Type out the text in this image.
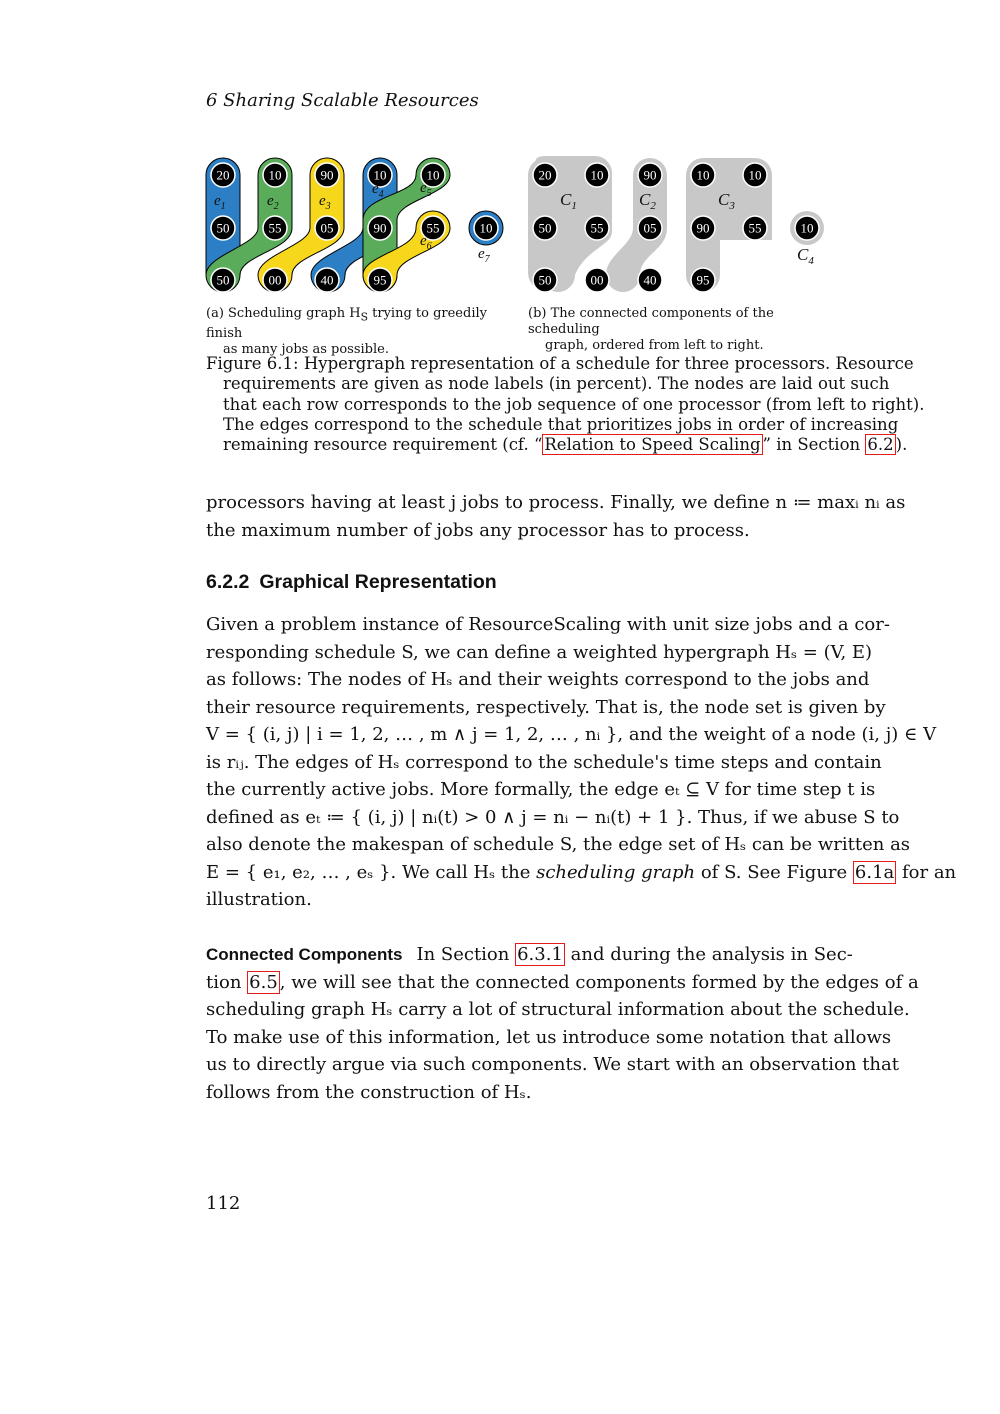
6 Sharing Scalable Resources
20	10	90	10	10
50	55	05	90	55	10
50	00	40	95
$e_1$	$e_2$	$e_3$
$e_4$ $e_5$
$e_6$	$e_7$
20	10	90	10	10
50	55	05	90	55	10
50	00	40	95
$C_1$	$C_2$	$C_3$
$C_4$
(a) Scheduling graph $H_S$ trying to greedily finish
as many jobs as possible.
(b) The connected components of the scheduling
graph, ordered from left to right.
Figure 6.1: Hypergraph representation of a schedule for three processors. Resource
requirements are given as node labels (in percent). The nodes are laid out such
that each row corresponds to the job sequence of one processor (from left to right).
The edges correspond to the schedule that prioritizes jobs in order of increasing
remaining resource requirement (cf. “ Relation to Speed Scaling ” in Section 6.2 ).
processors having at least j jobs to process. Finally, we define n ≔ maxᵢ nᵢ as
the maximum number of jobs any processor has to process.
6.2.2 Graphical Representation
Given a problem instance of ResourceScaling with unit size jobs and a cor-
responding schedule S, we can define a weighted hypergraph Hₛ = (V, E)
as follows: The nodes of Hₛ and their weights correspond to the jobs and
their resource requirements, respectively. That is, the node set is given by
V = { (i, j) | i = 1, 2, … , m ∧ j = 1, 2, … , nᵢ }, and the weight of a node (i, j) ∈ V
is rᵢⱼ. The edges of Hₛ correspond to the schedule's time steps and contain
the currently active jobs. More formally, the edge eₜ ⊆ V for time step t is
defined as eₜ ≔ { (i, j) | nᵢ(t) > 0 ∧ j = nᵢ − nᵢ(t) + 1 }. Thus, if we abuse S to
also denote the makespan of schedule S, the edge set of Hₛ can be written as
E = { e₁, e₂, … , eₛ }. We call Hₛ the scheduling graph of S. See Figure 6.1a for an
illustration.
Connected Components In Section 6.3.1 and during the analysis in Sec-
tion 6.5 , we will see that the connected components formed by the edges of a
scheduling graph Hₛ carry a lot of structural information about the schedule.
To make use of this information, let us introduce some notation that allows
us to directly argue via such components. We start with an observation that
follows from the construction of Hₛ.
112
